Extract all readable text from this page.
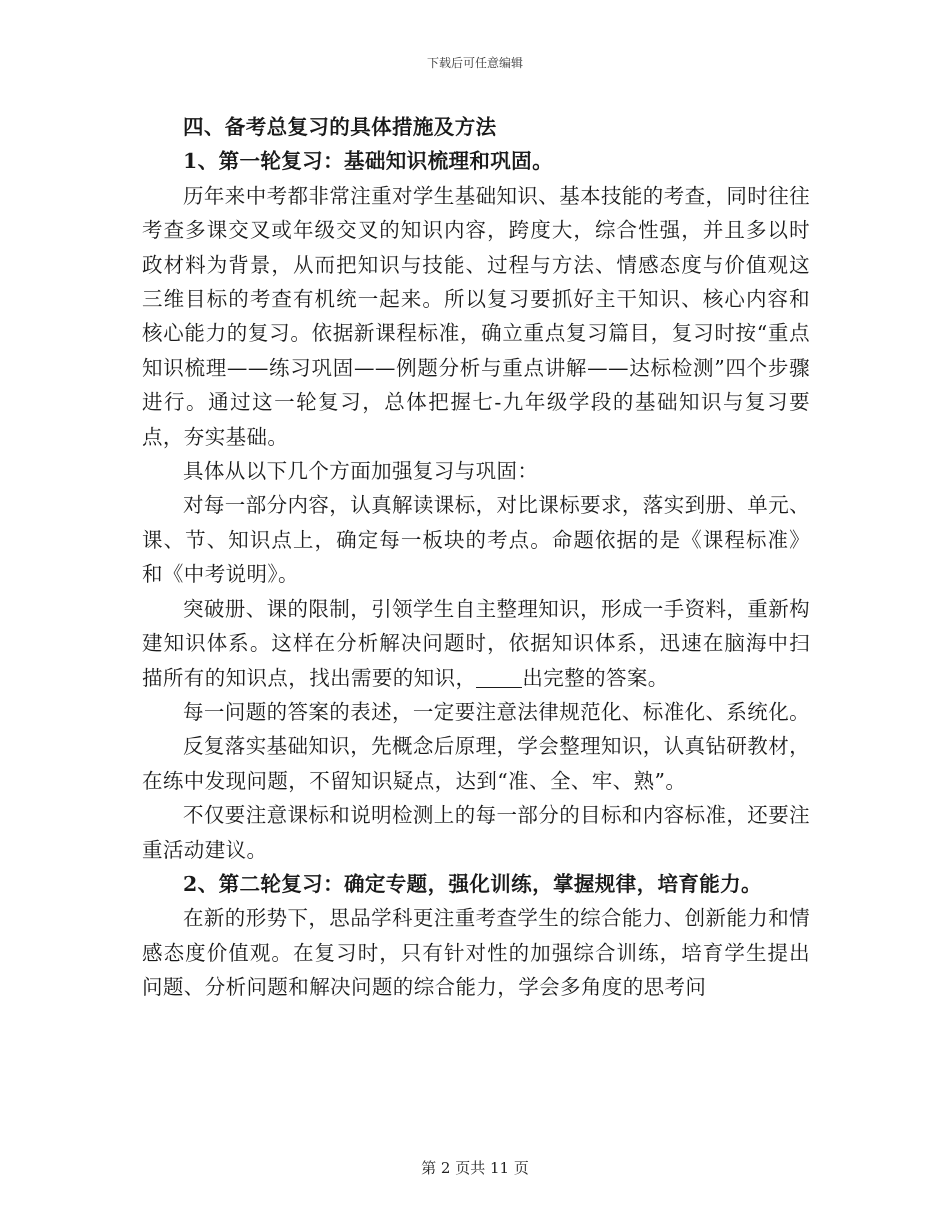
下载后可任意编辑

四、备考总复习的具体措施及方法

1、第一轮复习：基础知识梳理和巩固。

历年来中考都非常注重对学生基础知识、基本技能的考查，同时往往考查多课交叉或年级交叉的知识内容，跨度大，综合性强，并且多以时政材料为背景，从而把知识与技能、过程与方法、情感态度与价值观这三维目标的考查有机统一起来。所以复习要抓好主干知识、核心内容和核心能力的复习。依据新课程标准，确立重点复习篇目，复习时按“重点知识梳理——练习巩固——例题分析与重点讲解——达标检测”四个步骤进行。通过这一轮复习，总体把握七-九年级学段的基础知识与复习要点，夯实基础。

具体从以下几个方面加强复习与巩固：

对每一部分内容，认真解读课标，对比课标要求，落实到册、单元、课、节、知识点上，确定每一板块的考点。命题依据的是《课程标准》和《中考说明》。

突破册、课的限制，引领学生自主整理知识，形成一手资料，重新构建知识体系。这样在分析解决问题时，依据知识体系，迅速在脑海中扫描所有的知识点，找出需要的知识， 出完整的答案。

每一问题的答案的表述，一定要注意法律规范化、标准化、系统化。

反复落实基础知识，先概念后原理，学会整理知识，认真钻研教材，在练中发现问题，不留知识疑点，达到“准、全、牢、熟”。

不仅要注意课标和说明检测上的每一部分的目标和内容标准，还要注重活动建议。

2、第二轮复习：确定专题，强化训练，掌握规律，培育能力。

在新的形势下，思品学科更注重考查学生的综合能力、创新能力和情感态度价值观。在复习时，只有针对性的加强综合训练，培育学生提出问题、分析问题和解决问题的综合能力，学会多角度的思考问

第 2 页共 11 页
